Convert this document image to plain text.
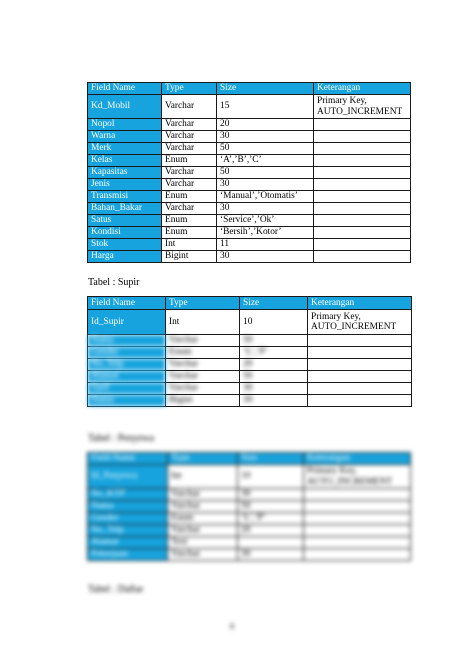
Field Name	Type	Size	Keterangan
Kd_Mobil	Varchar	15	Primary Key, AUTO_INCREMENT
Nopol	Varchar	20	
Warna	Varchar	30	
Merk	Varchar	50	
Kelas	Enum	‘A’,’B’,’C’	
Kapasitas	Varchar	50	
Jenis	Varchar	30	
Transmisi	Enum	‘Manual’,’Otomatis’	
Bahan_Bakar	Varchar	30	
Satus	Enum	‘Service’,’Ok’	
Kondisi	Enum	‘Bersih’,’Kotor’	
Stok	Int	11	
Harga	Bigint	30	
Tabel : Supir
Field Name	Type	Size	Keterangan
Id_Supir	Int	10	Primary Key, AUTO_INCREMENT
Nama	Varchar	50	
Gender	Enum	‘L’,’P’	
No_Telp	Varchar	20	
Alamat	Varchar	50	
Tarif	Varchar	30	
Status	Bigint	30	
Tabel : Penyewa
Field Name	Type	Size	Keterangan
Id_Penyewa	Int	10	Primary Key, AUTO_INCREMENT
No_KTP	Varchar	30	
Nama	Varchar	50	
Gender	Enum	‘L’,’P’	
No_Telp	Varchar	20	
Alamat	Text		
Pekerjaan	Varchar	30	
Tabel : Daftar
8
